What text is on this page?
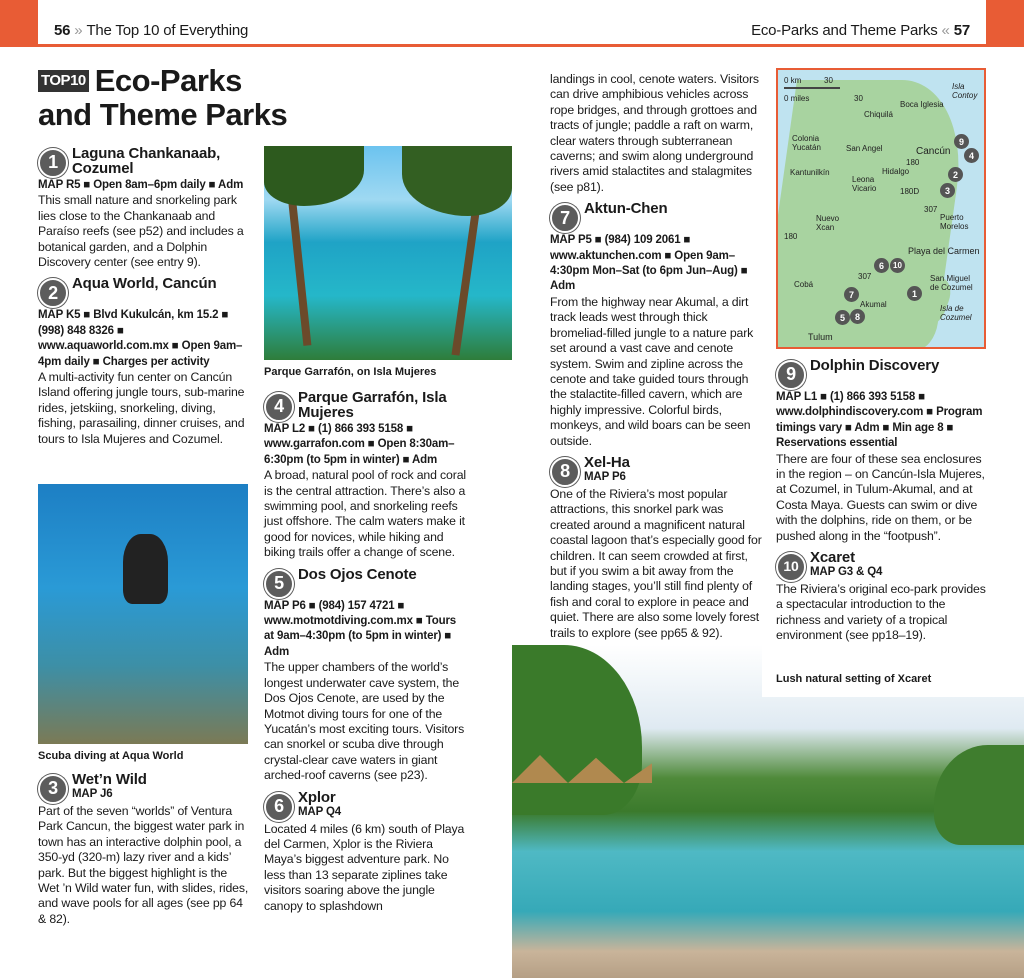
56 » The Top 10 of Everything	Eco-Parks and Theme Parks « 57
TOP10 Eco-Parks
and Theme Parks
1 Laguna Chankanaab, Cozumel
MAP R5 ■ Open 8am–6pm daily ■ Adm
This small nature and snorkeling park lies close to the Chankanaab and Paraíso reefs (see p52) and includes a botanical garden, and a Dolphin Discovery center (see entry 9).
2 Aqua World, Cancún
MAP K5 ■ Blvd Kukulcán, km 15.2 ■ (998) 848 8326 ■ www.aquaworld.com.mx ■ Open 9am–4pm daily ■ Charges per activity
A multi-activity fun center on Cancún Island offering jungle tours, sub-marine rides, jetskiing, snorkeling, diving, fishing, parasailing, dinner cruises, and tours to Isla Mujeres and Cozumel.
Scuba diving at Aqua World
3 Wet’n Wild
MAP J6
Part of the seven “worlds” of Ventura Park Cancun, the biggest water park in town has an interactive dolphin pool, a 350-yd (320-m) lazy river and a kids’ park. But the biggest highlight is the Wet ’n Wild water fun, with slides, rides, and wave pools for all ages (see pp 64 & 82).
Parque Garrafón, on Isla Mujeres
4 Parque Garrafón, Isla Mujeres
MAP L2 ■ (1) 866 393 5158 ■ www.garrafon.com ■ Open 8:30am–6:30pm (to 5pm in winter) ■ Adm
A broad, natural pool of rock and coral is the central attraction. There’s also a swimming pool, and snorkeling reefs just offshore. The calm waters make it good for novices, while hiking and biking trails offer a change of scene.
5 Dos Ojos Cenote
MAP P6 ■ (984) 157 4721 ■ www.motmotdiving.com.mx ■ Tours at 9am–4:30pm (to 5pm in winter) ■ Adm
The upper chambers of the world’s longest underwater cave system, the Dos Ojos Cenote, are used by the Motmot diving tours for one of the Yucatán’s most exciting tours. Visitors can snorkel or scuba dive through crystal-clear cave waters in giant arched-roof caverns (see p23).
6 Xplor
MAP Q4
Located 4 miles (6 km) south of Playa del Carmen, Xplor is the Riviera Maya’s biggest adventure park. No less than 13 separate ziplines take visitors soaring above the jungle canopy to splashdown
landings in cool, cenote waters. Visitors can drive amphibious vehicles across rope bridges, and through grottoes and tracts of jungle; paddle a raft on warm, clear waters through subterranean caverns; and swim along underground rivers amid stalactites and stalagmites (see p81).
7 Aktun-Chen
MAP P5 ■ (984) 109 2061 ■ www.aktunchen.com ■ Open 9am–4:30pm Mon–Sat (to 6pm Jun–Aug) ■ Adm
From the highway near Akumal, a dirt track leads west through thick bromeliad-filled jungle to a nature park set around a vast cave and cenote system. Swim and zipline across the cenote and take guided tours through the stalactite-filled cavern, which are highly impressive. Colorful birds, monkeys, and wild boars can be seen outside.
8 Xel-Ha
MAP P6
One of the Riviera’s most popular attractions, this snorkel park was created around a magnificent natural coastal lagoon that’s especially good for children. It can seem crowded at first, but if you swim a bit away from the landing stages, you’ll still find plenty of fish and coral to explore in peace and quiet. There are also some lovely forest trails to explore (see pp65 & 92).
0 km	30
0 miles	30
Isla Contoy
Chiquilá
Boca Iglesia
Colonia Yucatán	San Angel	Cancún
Kantunilkín	Hidalgo
Leona Vicario
Nuevo Xcan
Puerto Morelos
Playa del Carmen
San Miguel de Cozumel
Cobá
Akumal	Isla de Cozumel
Tulum
180
180D
307
180
307
9
4
2
3
6	10
1
7
5	8
9 Dolphin Discovery
MAP L1 ■ (1) 866 393 5158 ■ www.dolphindiscovery.com ■ Program timings vary ■ Adm ■ Min age 8 ■ Reservations essential
There are four of these sea enclosures in the region – on Cancún-Isla Mujeres, at Cozumel, in Tulum-Akumal, and at Costa Maya. Guests can swim or dive with the dolphins, ride on them, or be pushed along in the “footpush”.
10
Xcaret
MAP G3 & Q4
The Riviera’s original eco-park provides a spectacular introduction to the richness and variety of a tropical environment (see pp18–19).
Lush natural setting of Xcaret
